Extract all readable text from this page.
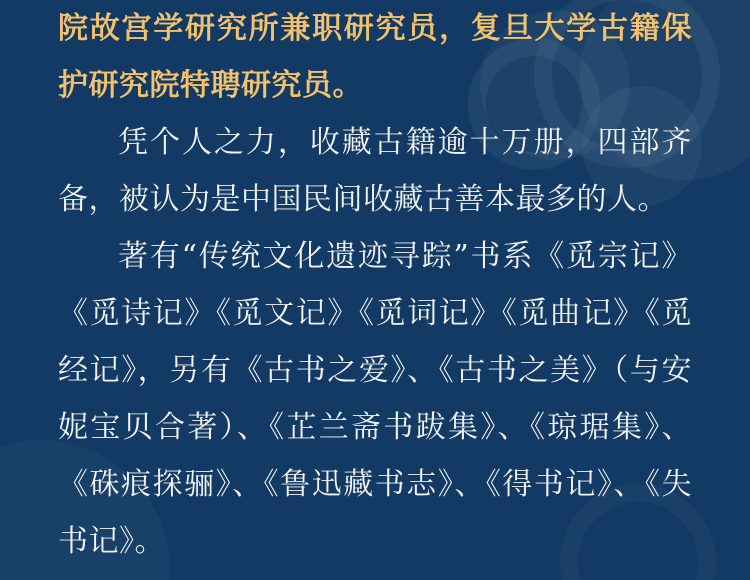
院故宫学研究所兼职研究员，复旦大学古籍保护研究院特聘研究员。

凭个人之力，收藏古籍逾十万册，四部齐备，被认为是中国民间收藏古善本最多的人。

著有“传统文化遗迹寻踪”书系《觅宗记》《觅诗记》《觅文记》《觅词记》《觅曲记》《觅经记》，另有《古书之爱》、《古书之美》（与安妮宝贝合著）、《芷兰斋书跋集》、《琼琚集》、《硃痕探骊》、《鲁迅藏书志》、《得书记》、《失书记》。
